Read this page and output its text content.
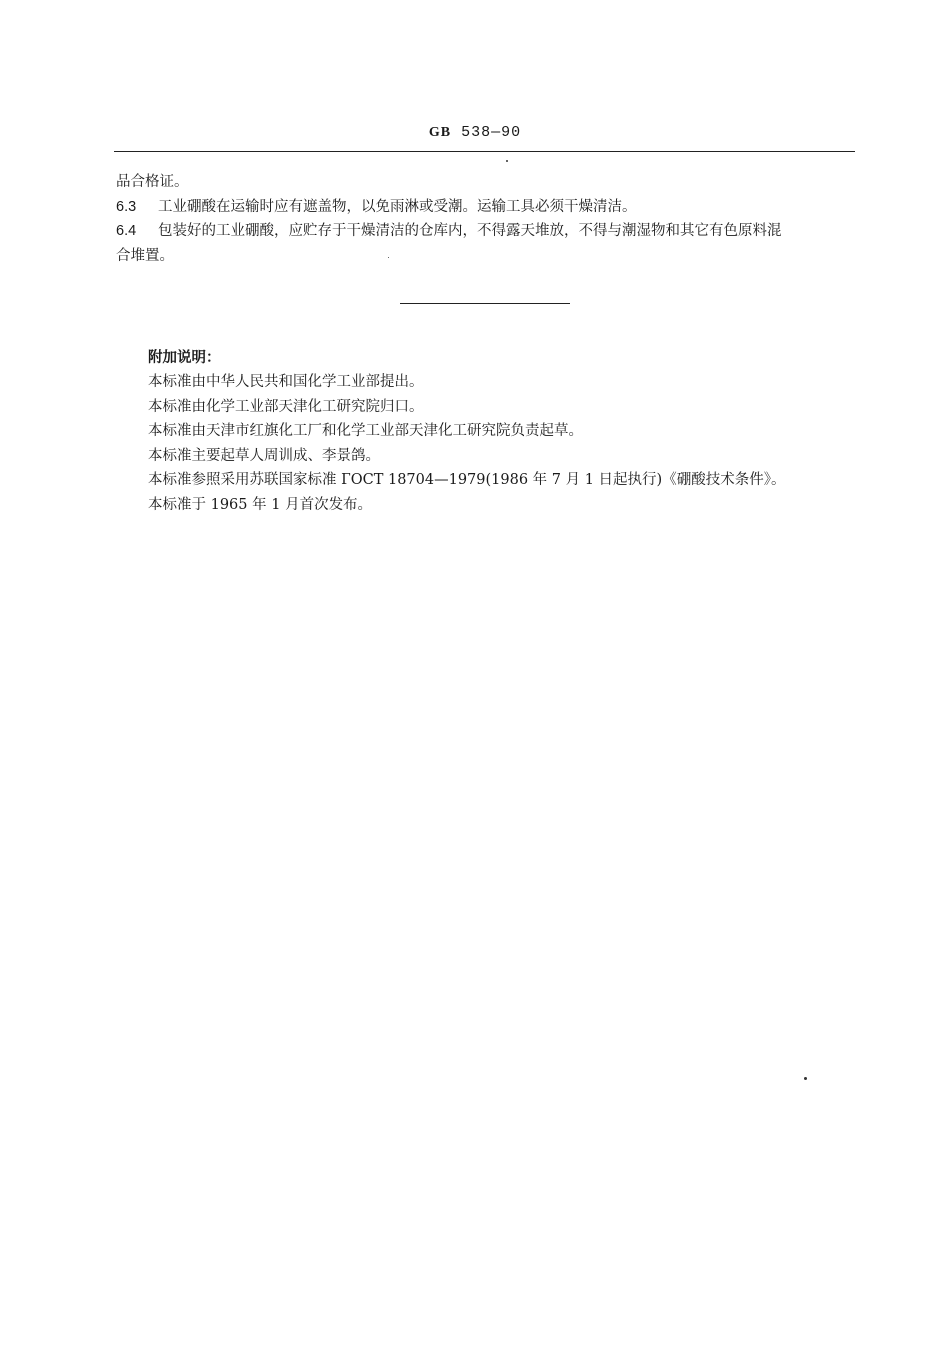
GB 538—90
品合格证。
6.3 工业硼酸在运输时应有遮盖物，以免雨淋或受潮。运输工具必须干燥清洁。
6.4 包装好的工业硼酸，应贮存于干燥清洁的仓库内，不得露天堆放，不得与潮湿物和其它有色原料混
合堆置。
附加说明：
本标准由中华人民共和国化学工业部提出。
本标准由化学工业部天津化工研究院归口。
本标准由天津市红旗化工厂和化学工业部天津化工研究院负责起草。
本标准主要起草人周训成、李景鸽。
本标准参照采用苏联国家标准 ГОСТ 18704—1979(1986 年 7 月 1 日起执行)《硼酸技术条件》。
本标准于 1965 年 1 月首次发布。
